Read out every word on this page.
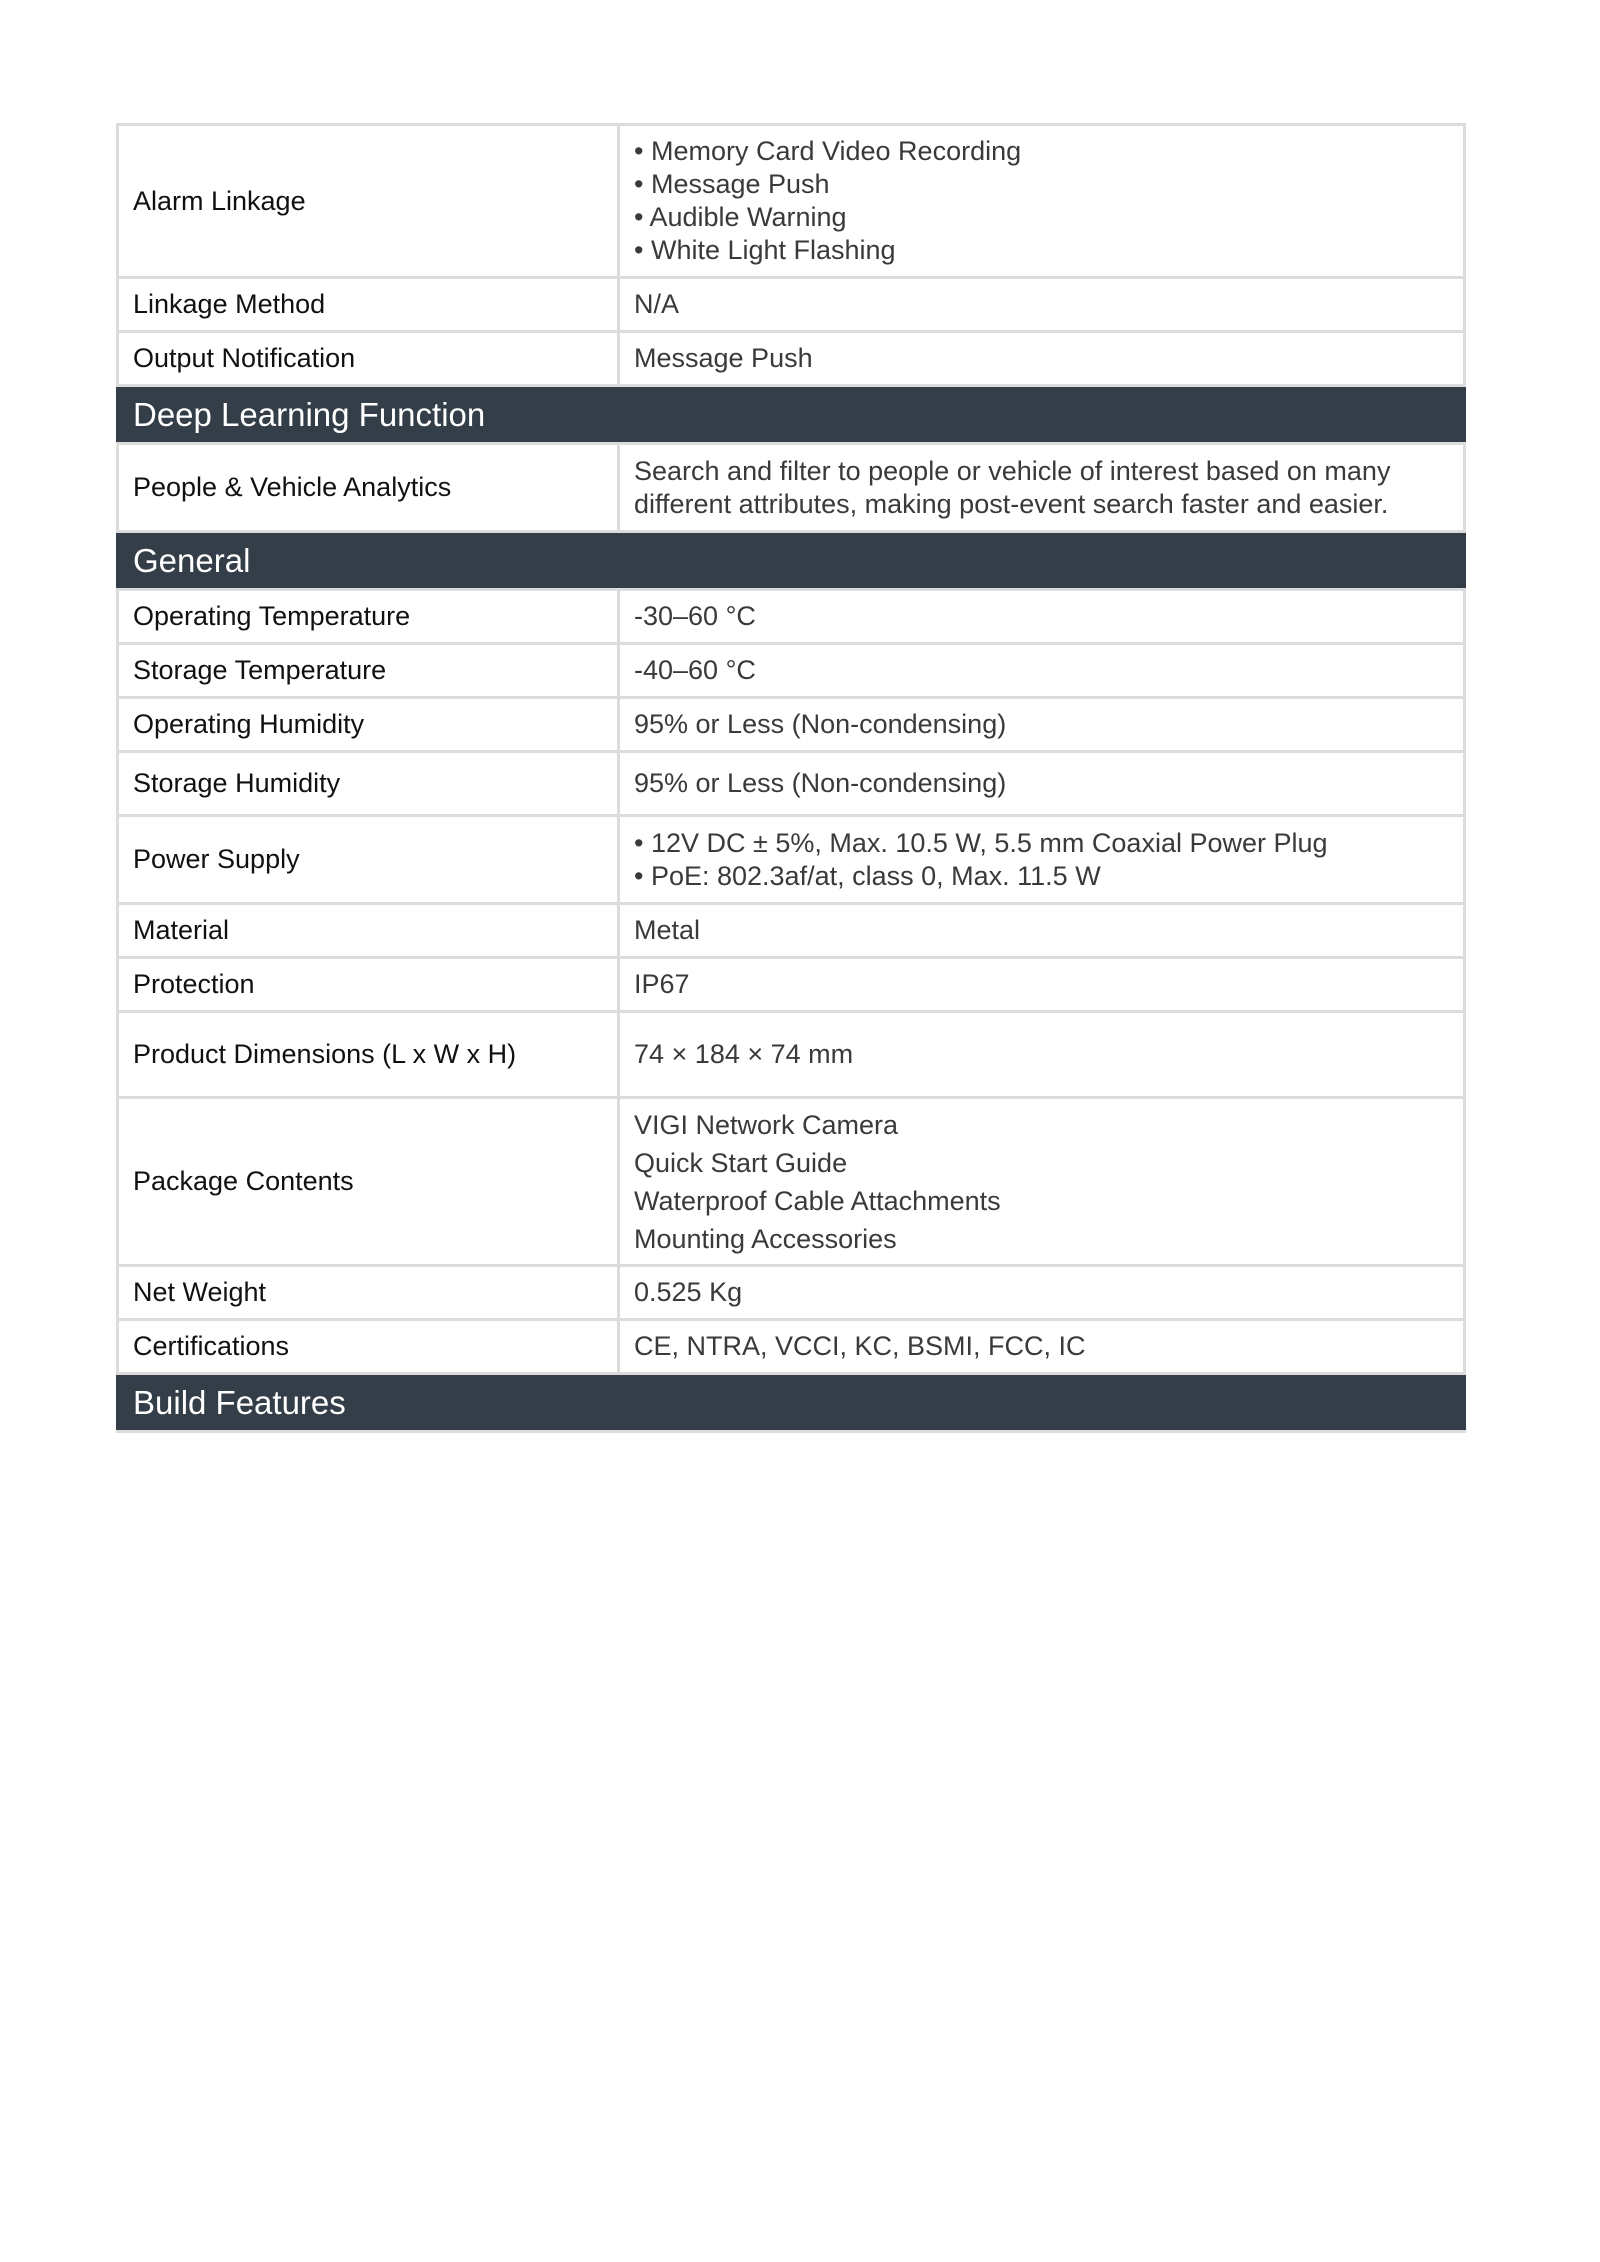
Alarm Linkage	• Memory Card Video Recording
• Message Push
• Audible Warning
• White Light Flashing

Linkage Method	N/A
Output Notification	Message Push
Deep Learning Function	
People & Vehicle Analytics	Search and filter to people or vehicle of interest based on many
different attributes, making post-event search faster and easier.

General	
Operating Temperature	-30–60 °C
Storage Temperature	-40–60 °C
Operating Humidity	95% or Less (Non-condensing)
Storage Humidity	95% or Less (Non-condensing)
Power Supply	• 12V DC ± 5%, Max. 10.5 W, 5.5 mm Coaxial Power Plug
• PoE: 802.3af/at, class 0, Max. 11.5 W

Material	Metal
Protection	IP67
Product Dimensions (L x W x H)	74 × 184 × 74 mm
Package Contents	VIGI Network Camera
Quick Start Guide
Waterproof Cable Attachments
Mounting Accessories

Net Weight	0.525 Kg
Certifications	CE, NTRA, VCCI, KC, BSMI, FCC, IC
Build Features	
